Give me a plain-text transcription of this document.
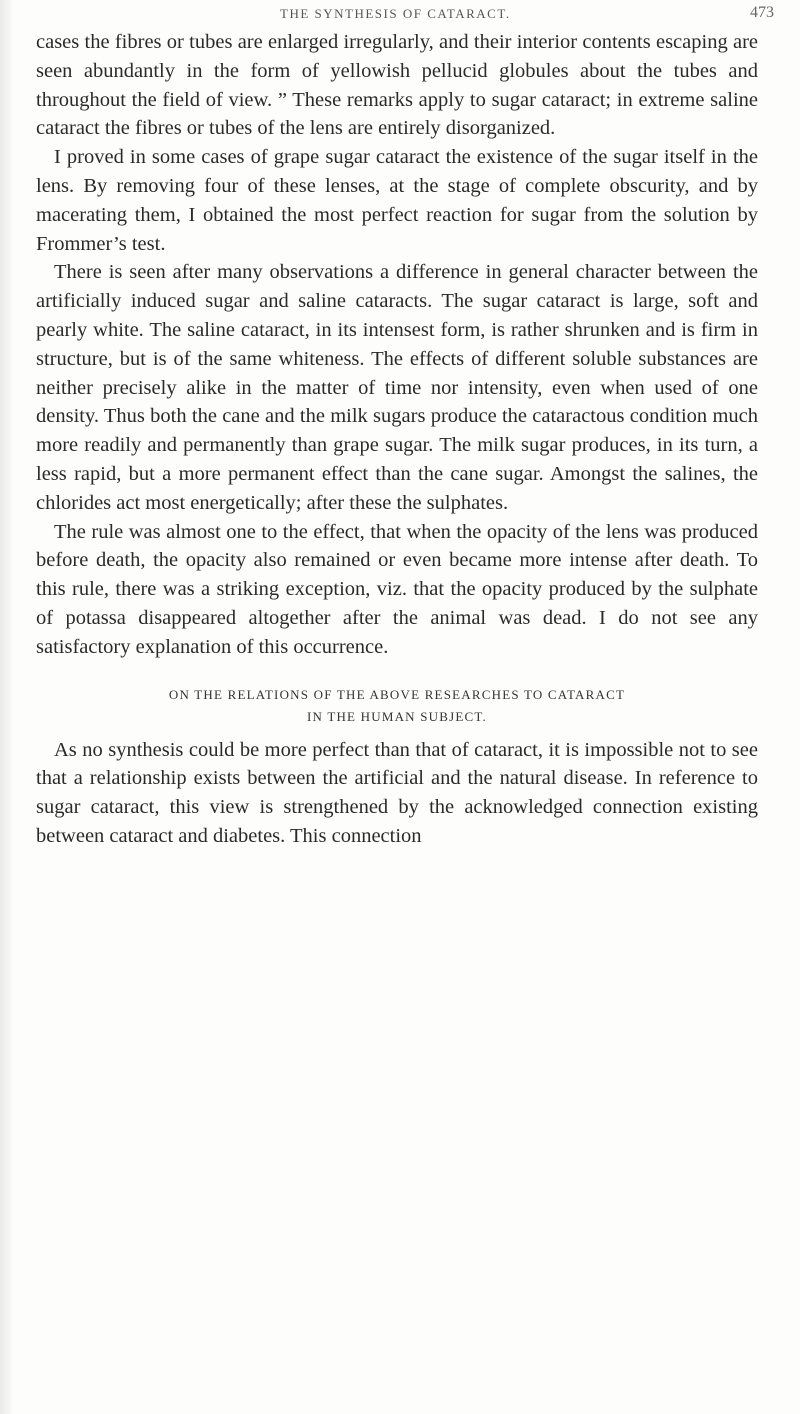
THE SYNTHESIS OF CATARACT.	473

cases the fibres or tubes are enlarged irregularly, and their interior contents escaping are seen abundantly in the form of yellowish pellucid globules about the tubes and throughout the field of view. ” These remarks apply to sugar cataract; in extreme saline cataract the fibres or tubes of the lens are entirely disorganized.

I proved in some cases of grape sugar cataract the existence of the sugar itself in the lens. By removing four of these lenses, at the stage of complete obscurity, and by macerating them, I obtained the most perfect reaction for sugar from the solution by Frommer’s test.

There is seen after many observations a difference in general character between the artificially induced sugar and saline cataracts. The sugar cataract is large, soft and pearly white. The saline cataract, in its intensest form, is rather shrunken and is firm in structure, but is of the same whiteness. The effects of different soluble substances are neither precisely alike in the matter of time nor intensity, even when used of one density. Thus both the cane and the milk sugars produce the cataractous condition much more readily and permanently than grape sugar. The milk sugar produces, in its turn, a less rapid, but a more permanent effect than the cane sugar. Amongst the salines, the chlorides act most energetically; after these the sulphates.

The rule was almost one to the effect, that when the opacity of the lens was produced before death, the opacity also remained or even became more intense after death. To this rule, there was a striking exception, viz. that the opacity produced by the sulphate of potassa disappeared altogether after the animal was dead. I do not see any satisfactory explanation of this occurrence.

ON THE RELATIONS OF THE ABOVE RESEARCHES TO CATARACT
IN THE HUMAN SUBJECT.

As no synthesis could be more perfect than that of cataract, it is impossible not to see that a relationship exists between the artificial and the natural disease. In reference to sugar cataract, this view is strengthened by the acknowledged connection existing between cataract and diabetes. This connection
